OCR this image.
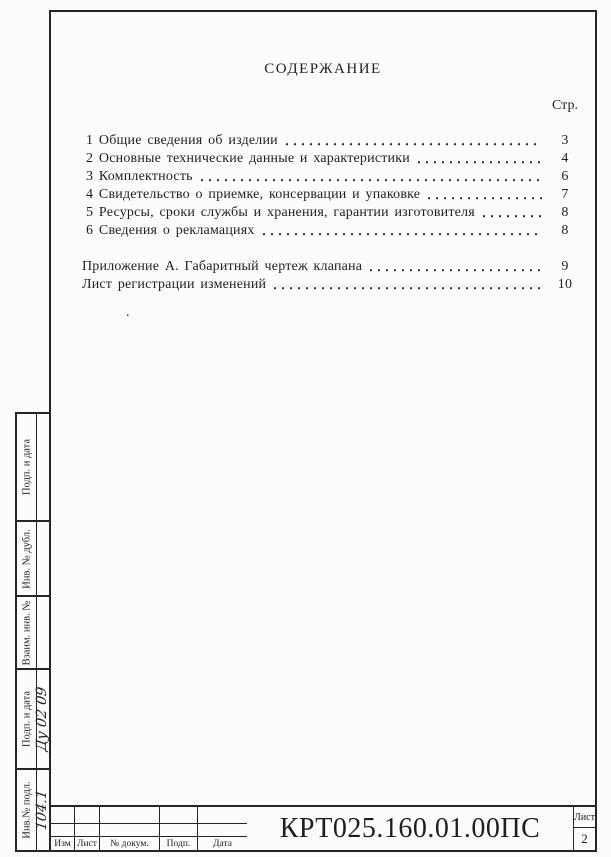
СОДЕРЖАНИЕ
Стр.
1 Общие сведения об изделии	3
2 Основные технические данные и характеристики	4
3 Комплектность	6
4 Свидетельство о приемке, консервации и упаковке	7
5 Ресурсы, сроки службы и хранения, гарантии изготовителя	8
6 Сведения о рекламациях	8
Приложение А. Габаритный чертеж клапана	9
Лист регистрации изменений	10
.
Подп. и дата
Инв. № дубл.
Взаим. инв. №
Подп. и дата Ду 02 09
Инв.№ подл. 104.1
Изм Лист	№ докум.	Подп.	Дата	КРТ025.160.01.00ПС	Лист
2
